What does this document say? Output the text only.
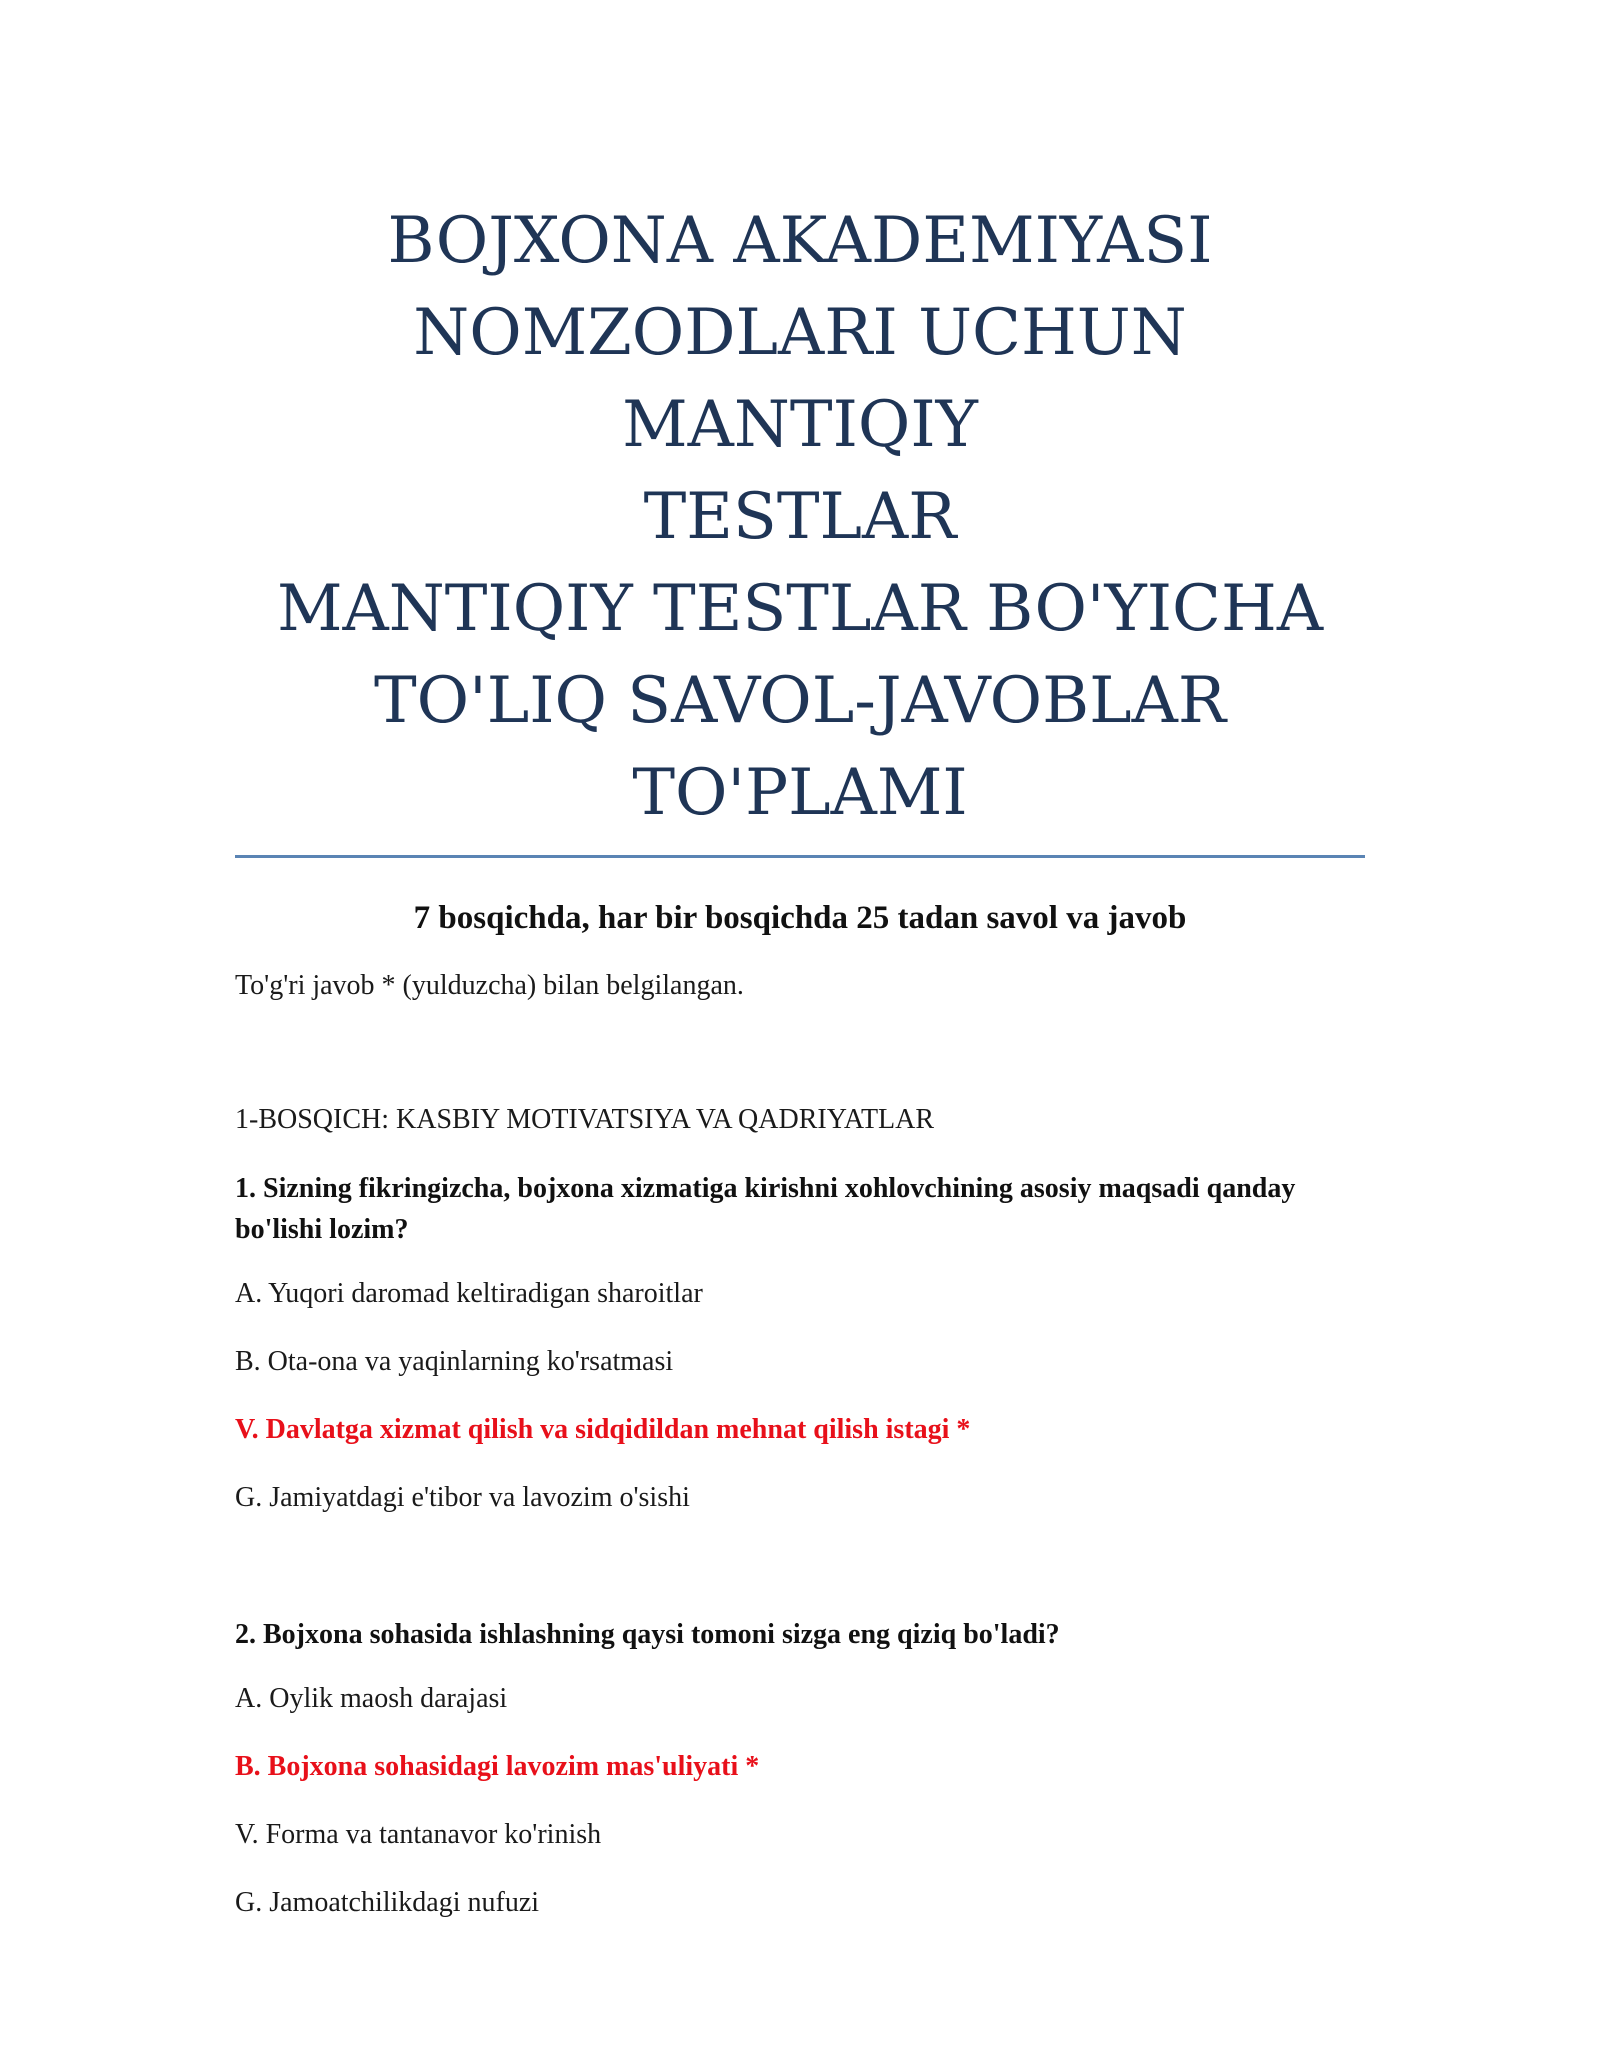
BOJXONA AKADEMIYASI
NOMZODLARI UCHUN MANTIQIY
TESTLAR
MANTIQIY TESTLAR BO'YICHA
TO'LIQ SAVOL-JAVOBLAR
TO'PLAMI
7 bosqichda, har bir bosqichda 25 tadan savol va javob
To'g'ri javob * (yulduzcha) bilan belgilangan.
1-BOSQICH: KASBIY MOTIVATSIYA VA QADRIYATLAR
1. Sizning fikringizcha, bojxona xizmatiga kirishni xohlovchining asosiy maqsadi qanday bo'lishi lozim?
A. Yuqori daromad keltiradigan sharoitlar
B. Ota-ona va yaqinlarning ko'rsatmasi
V. Davlatga xizmat qilish va sidqidildan mehnat qilish istagi *
G. Jamiyatdagi e'tibor va lavozim o'sishi
2. Bojxona sohasida ishlashning qaysi tomoni sizga eng qiziq bo'ladi?
A. Oylik maosh darajasi
B. Bojxona sohasidagi lavozim mas'uliyati *
V. Forma va tantanavor ko'rinish
G. Jamoatchilikdagi nufuzi
